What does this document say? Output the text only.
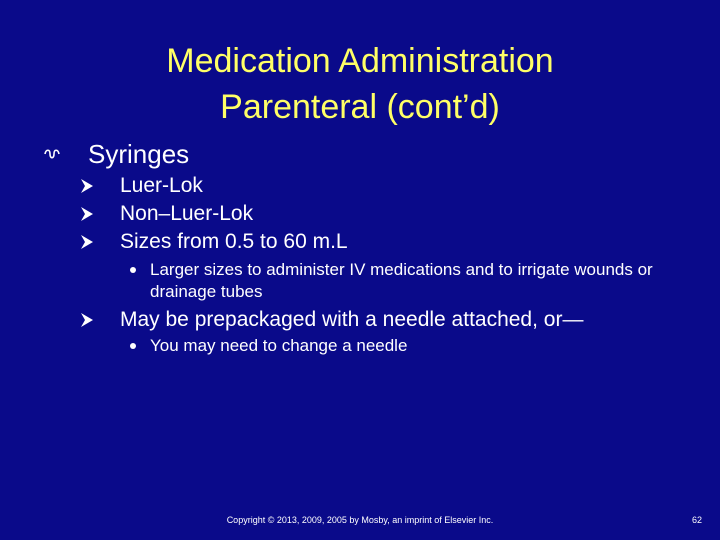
Medication Administration
Parenteral (cont’d)
Syringes
Luer-Lok
Non–Luer-Lok
Sizes from 0.5 to 60 m.L
Larger sizes to administer IV medications and to irrigate wounds or drainage tubes
May be prepackaged with a needle attached, or—
You may need to change a needle
Copyright © 2013, 2009, 2005 by Mosby, an imprint of Elsevier Inc.	62
